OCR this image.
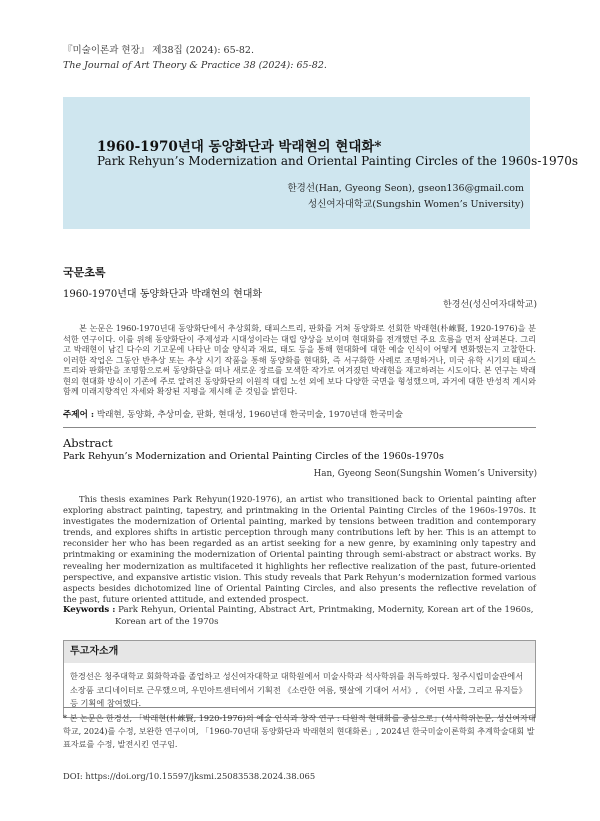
『미술이론과 현장』 제38집 (2024): 65-82.
The Journal of Art Theory & Practice 38 (2024): 65-82.
1960-1970년대 동양화단과 박래현의 현대화*
Park Rehyun’s Modernization and Oriental Painting Circles of the 1960s-1970s
한경선(Han, Gyeong Seon), gseon136@gmail.com
성신여자대학교(Sungshin Women’s University)
국문초록
1960-1970년대 동양화단과 박래현의 현대화
한경선(성신여자대학교)
본 논문은 1960-1970년대 동양화단에서 추상회화, 태피스트리, 판화를 거쳐 동양화로 선회한 박래현(朴崍賢, 1920-1976)을 분석한 연구이다. 이를 위해 동양화단이 주제성과 시대성이라는 대립 양상을 보이며 현대화를 전개했던 주요 흐름을 먼저 살펴본다. 그리고 박래현이 남긴 다수의 기고문에 나타난 미술 양식과 재료, 태도 등을 통해 현대화에 대한 예술 인식이 어떻게 변화했는지 고찰한다. 이러한 작업은 그동안 반추상 또는 추상 시기 작품을 통해 동양화를 현대화, 즉 서구화한 사례로 조명하거나, 미국 유학 시기의 태피스트리와 판화만을 조명함으로써 동양화단을 떠나 새로운 장르를 모색한 작가로 여겨졌던 박래현을 재고하려는 시도이다. 본 연구는 박래현의 현대화 방식이 기존에 주로 알려진 동양화단의 이원적 대립 노선 외에 보다 다양한 국면을 형성했으며, 과거에 대한 반성적 계시와 함께 미래지향적인 자세와 확장된 지평을 제시해 준 것임을 밝힌다.
주제어 : 박래현, 동양화, 추상미술, 판화, 현대성, 1960년대 한국미술, 1970년대 한국미술
Abstract
Park Rehyun’s Modernization and Oriental Painting Circles of the 1960s-1970s
Han, Gyeong Seon(Sungshin Women’s University)
This thesis examines Park Rehyun(1920-1976), an artist who transitioned back to Oriental painting after exploring abstract painting, tapestry, and printmaking in the Oriental Painting Circles of the 1960s-1970s. It investigates the modernization of Oriental painting, marked by tensions between tradition and contemporary trends, and explores shifts in artistic perception through many contributions left by her. This is an attempt to reconsider her who has been regarded as an artist seeking for a new genre, by examining only tapestry and printmaking or examining the modernization of Oriental painting through semi-abstract or abstract works. By revealing her modernization as multifaceted it highlights her reflective realization of the past, future-oriented perspective, and expansive artistic vision. This study reveals that Park Rehyun’s modernization formed various aspects besides dichotomized line of Oriental Painting Circles, and also presents the reflective revelation of the past, future oriented attitude, and extended prospect.
Keywords : Park Rehyun, Oriental Painting, Abstract Art, Printmaking, Modernity, Korean art of the 1960s, Korean art of the 1970s
투고자소개
한경선은 청주대학교 회화학과를 졸업하고 성신여자대학교 대학원에서 미술사학과 석사학위를 취득하였다. 청주시립미술관에서 소장품 코디네이터로 근무했으며, 우민아트센터에서 기획전 《소란한 여름, 햇살에 기대어 서서》, 《어떤 사물, 그리고 뮤지들》 등 기획에 참여했다.
* 본 논문은 한경선, 「박래현(朴崍賢, 1920-1976)의 예술 인식과 창작 연구 : 다원적 현대화를 중심으로」(석사학위논문, 성신여자대학교, 2024)를 수정, 보완한 연구이며, 「1960-70년대 동양화단과 박래현의 현대화론」, 2024년 한국미술이론학회 추계학술대회 발표자료를 수정, 발전시킨 연구임.
DOI: https://doi.org/10.15597/jksmi.25083538.2024.38.065
